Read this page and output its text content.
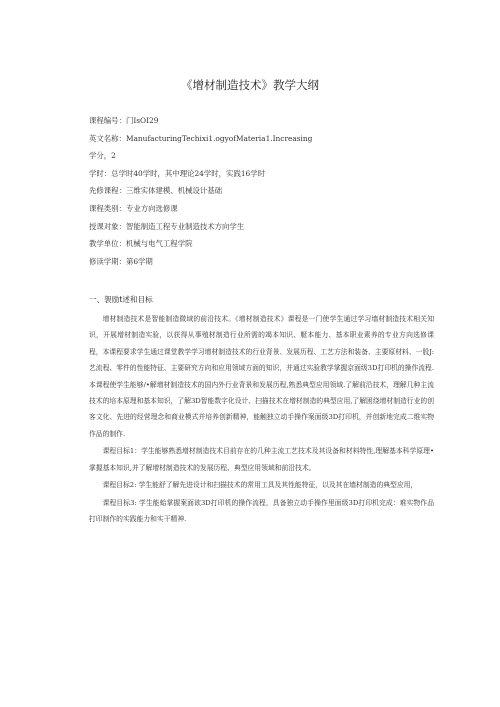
《增材制造技术》教学大纲
课程编号：门IsOI29
英文名称：ManufacturingTechixi1.ogyofMateria1.Increasing
学分，2
学时：总学时40学时，其中理论24学时，实践16学时
先修课程：三维实体建模、机械设计基础
课程类别：专业方向选修课
授课对象：智能制造工程专业制造技术方向学生
教学单位：机械与电气工程学院
修读学期：第6学期
一、袈励t述和目标

增材制造技术是智能制造微域的前沿技术。《增材制造技术》课程是一门使学生通过学习墙材制造技术相关知识，开展增材制造实验，以获得从事殖材制造行业所需的竭本知识、艇本能力、基本职业素养的专业方向选修课程，本课程要求学生通过课堂教学学习增材制造技术的行业背景、发展历程、工艺方法和装备、主要原材料、一股J: 艺流程、零件的性能特征、主要研究方向和应用领域方面的知识，并通过实验教学掌握京面级3D打印机的操作流程.本课程使学生能够/•解增材制造技术的国内外行业背景和发展历程,熟悉典型应用领域.了解前沿技术，理解几种主流技术的培本原理和基本知识，了解3D智能数字化设计、扫描技术在增材制造的典型应用,了解困绕增材制造行业的创客文化、先进的经营理念和商业模式并培养创新精神，能触独立动手操作案面级3D打印机，并创新地完成二维实物作品的制作.

课程目标1：学生能够熟悉增材制造技术目前存在的几种主流工艺技术及其设备和材料特性,理解基本科学原理•掌握基本知识,并了解增材制造技术的发展历程、典型应用领域和前沿技术。

课程目标2: 学生能舒了解先进设计和扫描技术的常用工具及其性能特征，以及其在墙材制造的典型应用，

课程目标3: 学生能蛤掌握案面欲3D打印机的操作流程，具备独立动手操作里面级3D打印机完成：难实物作品打印制作的实践能力和实干精神.
